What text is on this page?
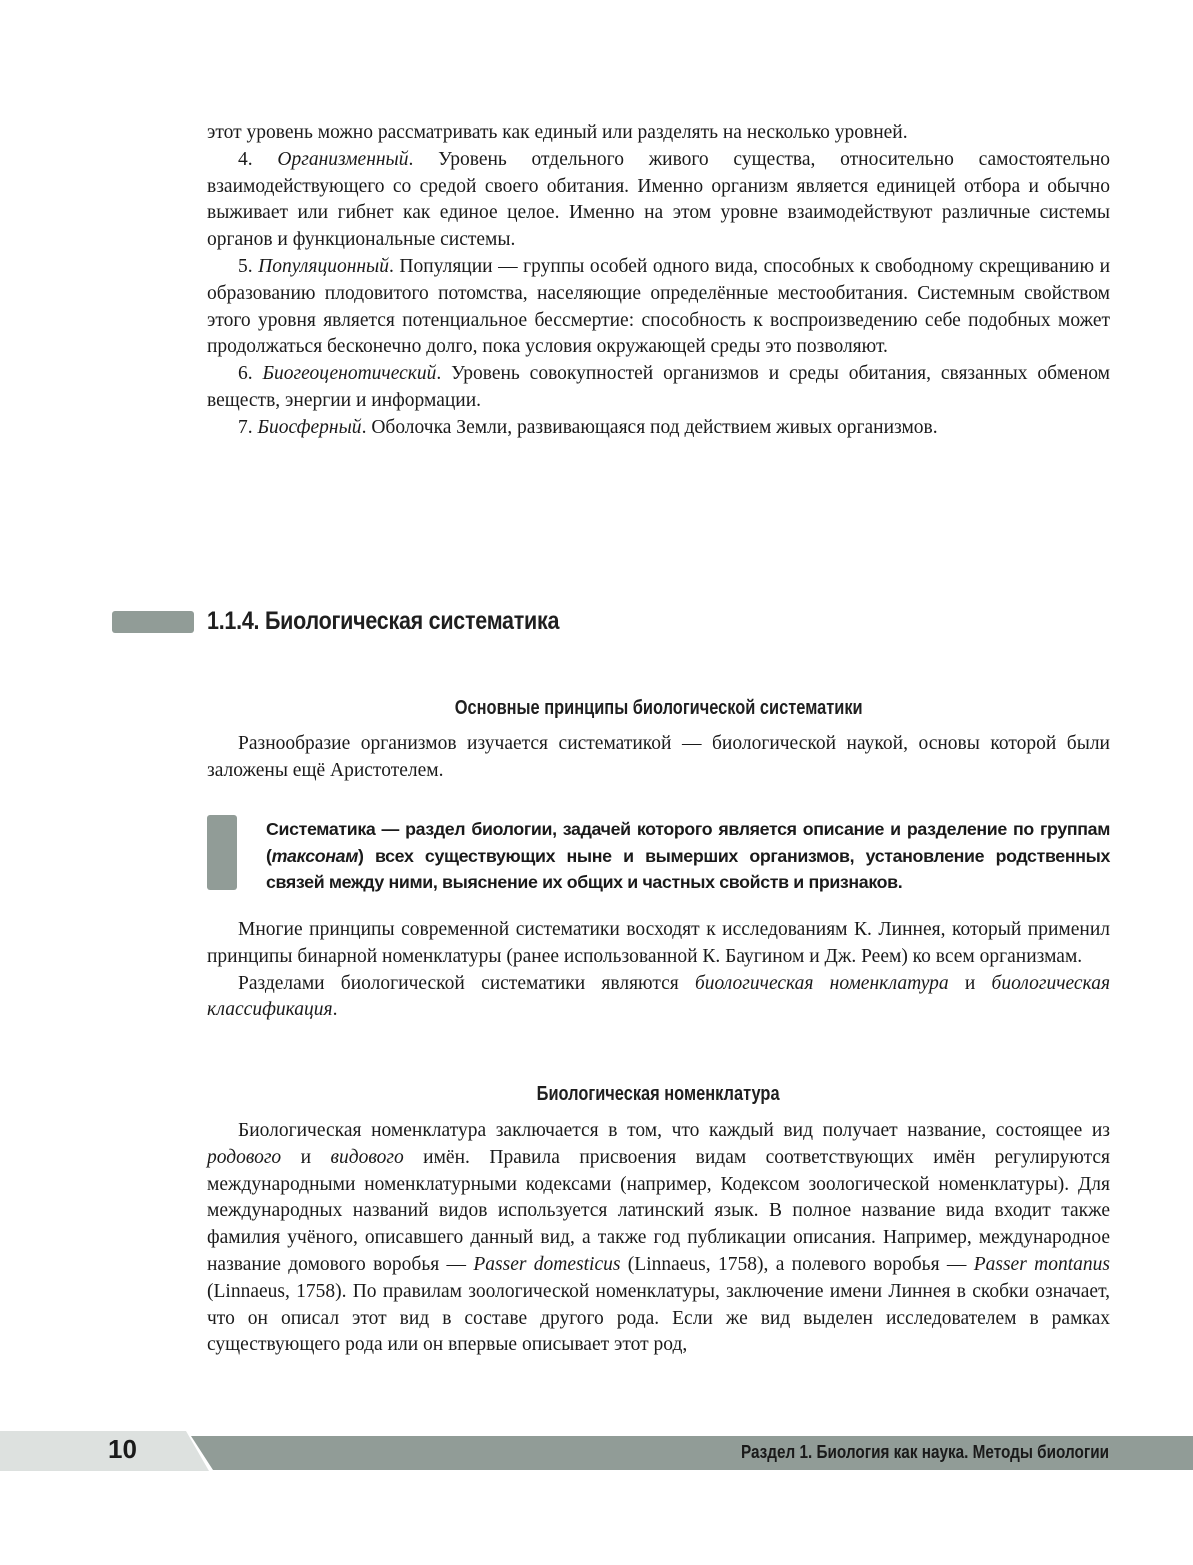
этот уровень можно рассматривать как единый или разделять на несколько уровней.

4. Организменный. Уровень отдельного живого существа, относительно самостоятельно взаимодействующего со средой своего обитания. Именно организм является единицей отбора и обычно выживает или гибнет как единое целое. Именно на этом уровне взаимодействуют различные системы органов и функциональные системы.

5. Популяционный. Популяции — группы особей одного вида, способных к свободному скрещиванию и образованию плодовитого потомства, населяющие определённые местообитания. Системным свойством этого уровня является потенциальное бессмертие: способность к воспроизведению себе подобных может продолжаться бесконечно долго, пока условия окружающей среды это позволяют.

6. Биогеоценотический. Уровень совокупностей организмов и среды обитания, связанных обменом веществ, энергии и информации.

7. Биосферный. Оболочка Земли, развивающаяся под действием живых организмов.

1.1.4. Биологическая систематика
Основные принципы биологической систематики

Разнообразие организмов изучается систематикой — биологической наукой, основы которой были заложены ещё Аристотелем.

Систематика — раздел биологии, задачей которого является описание и разделение по группам (таксонам) всех существующих ныне и вымерших организмов, установление родственных связей между ними, выяснение их общих и частных свойств и признаков.

Многие принципы современной систематики восходят к исследованиям К. Линнея, который применил принципы бинарной номенклатуры (ранее использованной К. Баугином и Дж. Реем) ко всем организмам.

Разделами биологической систематики являются биологическая номенклатура и биологическая классификация.

Биологическая номенклатура

Биологическая номенклатура заключается в том, что каждый вид получает название, состоящее из родового и видового имён. Правила присвоения видам соответствующих имён регулируются международными номенклатурными кодексами (например, Кодексом зоологической номенклатуры). Для международных названий видов используется латинский язык. В полное название вида входит также фамилия учёного, описавшего данный вид, а также год публикации описания. Например, международное название домового воробья — Passer domesticus (Linnaeus, 1758), а полевого воробья — Passer montanus (Linnaeus, 1758). По правилам зоологической номенклатуры, заключение имени Линнея в скобки означает, что он описал этот вид в составе другого рода. Если же вид выделен исследователем в рамках существующего рода или он впервые описывает этот род,

10	Раздел 1. Биология как наука. Методы биологии
